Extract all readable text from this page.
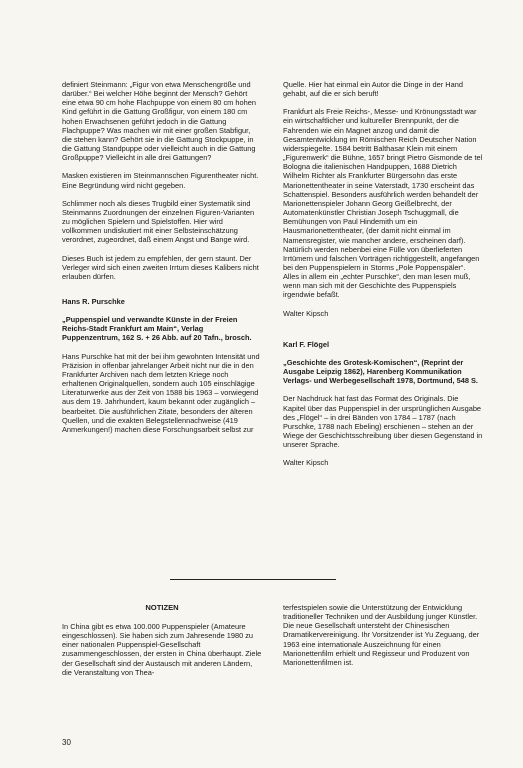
definiert Steinmann: „Figur von etwa Menschengröße und darüber.“ Bei welcher Höhe beginnt der Mensch? Gehört eine etwa 90 cm hohe Flachpuppe von einem 80 cm hohen Kind geführt in die Gattung Großfigur, von einem 180 cm hohen Erwachsenen geführt jedoch in die Gattung Flachpuppe? Was machen wir mit einer großen Stabfigur, die stehen kann? Gehört sie in die Gattung Stockpuppe, in die Gattung Standpuppe oder vielleicht auch in die Gattung Großpuppe? Vielleicht in alle drei Gattungen?

Masken existieren im Steinmannschen Figurentheater nicht. Eine Begründung wird nicht gegeben.

Schlimmer noch als dieses Trugbild einer Systematik sind Steinmanns Zuordnungen der einzelnen Figuren-Varianten zu möglichen Spielern und Spielstoffen. Hier wird vollkommen undiskutiert mit einer Selbsteinschätzung verordnet, zugeordnet, daß einem Angst und Bange wird.

Dieses Buch ist jedem zu empfehlen, der gern staunt. Der Verleger wird sich einen zweiten Irrtum dieses Kalibers nicht erlauben dürfen.

Hans R. Purschke

„Puppenspiel und verwandte Künste in der Freien Reichs-Stadt Frankfurt am Main“, Verlag Puppenzentrum, 162 S. + 26 Abb. auf 20 Tafn., brosch.

Hans Purschke hat mit der bei ihm gewohnten Intensität und Präzision in offenbar jahrelanger Arbeit nicht nur die in den Frankfurter Archiven nach dem letzten Kriege noch erhaltenen Originalquellen, sondern auch 105 einschlägige Literaturwerke aus der Zeit von 1588 bis 1963 – vorwiegend aus dem 19. Jahrhundert, kaum bekannt oder zugänglich – bearbeitet. Die ausführlichen Zitate, besonders der älteren Quellen, und die exakten Belegstellennachweise (419 Anmerkungen!) machen diese Forschungsarbeit selbst zur

Quelle. Hier hat einmal ein Autor die Dinge in der Hand gehabt, auf die er sich beruft!

Frankfurt als Freie Reichs-, Messe- und Krönungsstadt war ein wirtschaftlicher und kultureller Brennpunkt, der die Fahrenden wie ein Magnet anzog und damit die Gesamtentwicklung im Römischen Reich Deutscher Nation widerspiegelte. 1584 betritt Balthasar Klein mit einem „Figurenwerk“ die Bühne, 1657 bringt Pietro Gismonde de tel Bologna die italienischen Handpuppen, 1688 Dietrich Wilhelm Richter als Frankfurter Bürgersohn das erste Marionettentheater in seine Vaterstadt, 1730 erscheint das Schattenspiel. Besonders ausführlich werden behandelt der Marionettenspieler Johann Georg Geißelbrecht, der Automatenkünstler Christian Joseph Tschuggmall, die Bemühungen von Paul Hindemith um ein Hausmarionettentheater, (der damit nicht einmal im Namensregister, wie mancher andere, erscheinen darf). Natürlich werden nebenbei eine Fülle von überlieferten Irrtümern und falschen Vorträgen richtiggestellt, angefangen bei den Puppenspielern in Storms „Pole Poppenspäler“. Alles in allem ein „echter Purschke“, den man lesen muß, wenn man sich mit der Geschichte des Puppenspiels irgendwie befaßt.

Walter Kipsch

Karl F. Flögel

„Geschichte des Grotesk-Komischen“, (Reprint der Ausgabe Leipzig 1862), Harenberg Kommunikation Verlags- und Werbegesellschaft 1978, Dortmund, 548 S.

Der Nachdruck hat fast das Format des Originals. Die Kapitel über das Puppenspiel in der ursprünglichen Ausgabe des „Flögel“ – in drei Bänden von 1784 – 1787 (nach Purschke, 1788 nach Ebeling) erschienen – stehen an der Wiege der Geschichtsschreibung über diesen Gegenstand in unserer Sprache.

Walter Kipsch

NOTIZEN

In China gibt es etwa 100.000 Puppenspieler (Amateure eingeschlossen). Sie haben sich zum Jahresende 1980 zu einer nationalen Puppenspiel-Gesellschaft zusammengeschlossen, der ersten in China überhaupt. Ziele der Gesellschaft sind der Austausch mit anderen Ländern, die Veranstaltung von Thea-

terfestspielen sowie die Unterstützung der Entwicklung traditioneller Techniken und der Ausbildung junger Künstler. Die neue Gesellschaft untersteht der Chinesischen Dramatikervereinigung. Ihr Vorsitzender ist Yu Zeguang, der 1963 eine internationale Auszeichnung für einen Marionettenfilm erhielt und Regisseur und Produzent von Marionettenfilmen ist.

30
